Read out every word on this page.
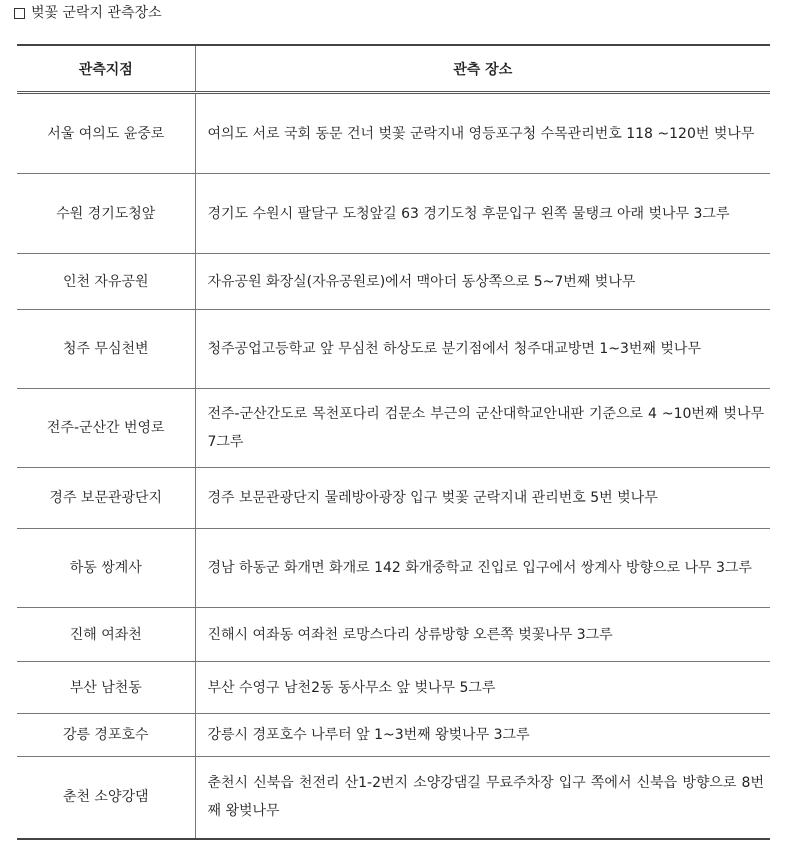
벚꽃 군락지 관측장소
관측지점	관측 장소
서울 여의도 윤중로	여의도 서로 국회 동문 건너 벚꽃 군락지내 영등포구청 수목관리번호 118 ~120번 벚나무
수원 경기도청앞	경기도 수원시 팔달구 도청앞길 63 경기도청 후문입구 왼쪽 물탱크 아래 벚나무 3그루
인천 자유공원	자유공원 화장실(자유공원로)에서 맥아더 동상쪽으로 5~7번째 벚나무
청주 무심천변	청주공업고등학교 앞 무심천 하상도로 분기점에서 청주대교방면 1~3번째 벚나무
전주-군산간 번영로	전주-군산간도로 목천포다리 검문소 부근의 군산대학교안내판 기준으로 4 ~10번째 벚나무 7그루
경주 보문관광단지	경주 보문관광단지 물레방아광장 입구 벚꽃 군락지내 관리번호 5번 벚나무
하동 쌍계사	경남 하동군 화개면 화개로 142 화개중학교 진입로 입구에서 쌍계사 방향으로 나무 3그루
진해 여좌천	진해시 여좌동 여좌천 로망스다리 상류방향 오른쪽 벚꽃나무 3그루
부산 남천동	부산 수영구 남천2동 동사무소 앞 벚나무 5그루
강릉 경포호수	강릉시 경포호수 나루터 앞 1~3번째 왕벚나무 3그루
춘천 소양강댐	춘천시 신북읍 천전리 산1-2번지 소양강댐길 무료주차장 입구 쪽에서 신북읍 방향으로 8번째 왕벚나무
